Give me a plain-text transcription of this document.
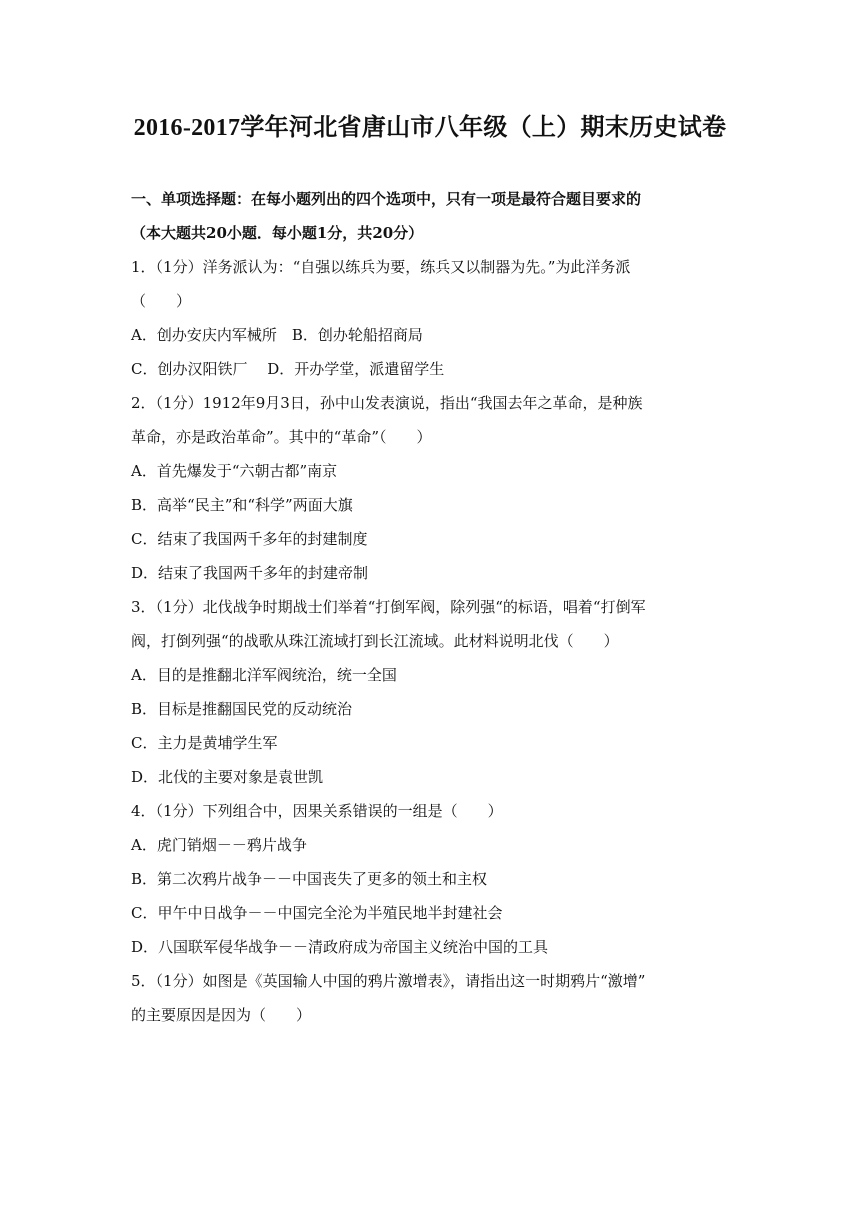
2016-2017学年河北省唐山市八年级（上）期末历史试卷
一、单项选择题：在每小题列出的四个选项中，只有一项是最符合题目要求的
（本大题共20小题．每小题1分，共20分）
1．（1分）洋务派认为：“自强以练兵为要，练兵又以制器为先。”为此洋务派
（　　）
A．创办安庆内军械所　B．创办轮船招商局
C．创办汉阳铁厂　 D．开办学堂，派遣留学生
2．（1分）1912年9月3日，孙中山发表演说，指出“我国去年之革命，是种族
革命，亦是政治革命”。其中的“革命”（　　）
A．首先爆发于“六朝古都”南京
B．高举“民主”和“科学”两面大旗
C．结束了我国两千多年的封建制度
D．结束了我国两千多年的封建帝制
3．（1分）北伐战争时期战士们举着“打倒军阀，除列强“的标语，唱着“打倒军
阀，打倒列强“的战歌从珠江流域打到长江流域。此材料说明北伐（　　）
A．目的是推翻北洋军阀统治，统一全国
B．目标是推翻国民党的反动统治
C．主力是黄埔学生军
D．北伐的主要对象是袁世凯
4．（1分）下列组合中，因果关系错误的一组是（　　）
A．虎门销烟－－鸦片战争
B．第二次鸦片战争－－中国丧失了更多的领土和主权
C．甲午中日战争－－中国完全沦为半殖民地半封建社会
D．八国联军侵华战争－－清政府成为帝国主义统治中国的工具
5．（1分）如图是《英国输人中国的鸦片激增表》，请指出这一时期鸦片“激增”
的主要原因是因为（　　）
